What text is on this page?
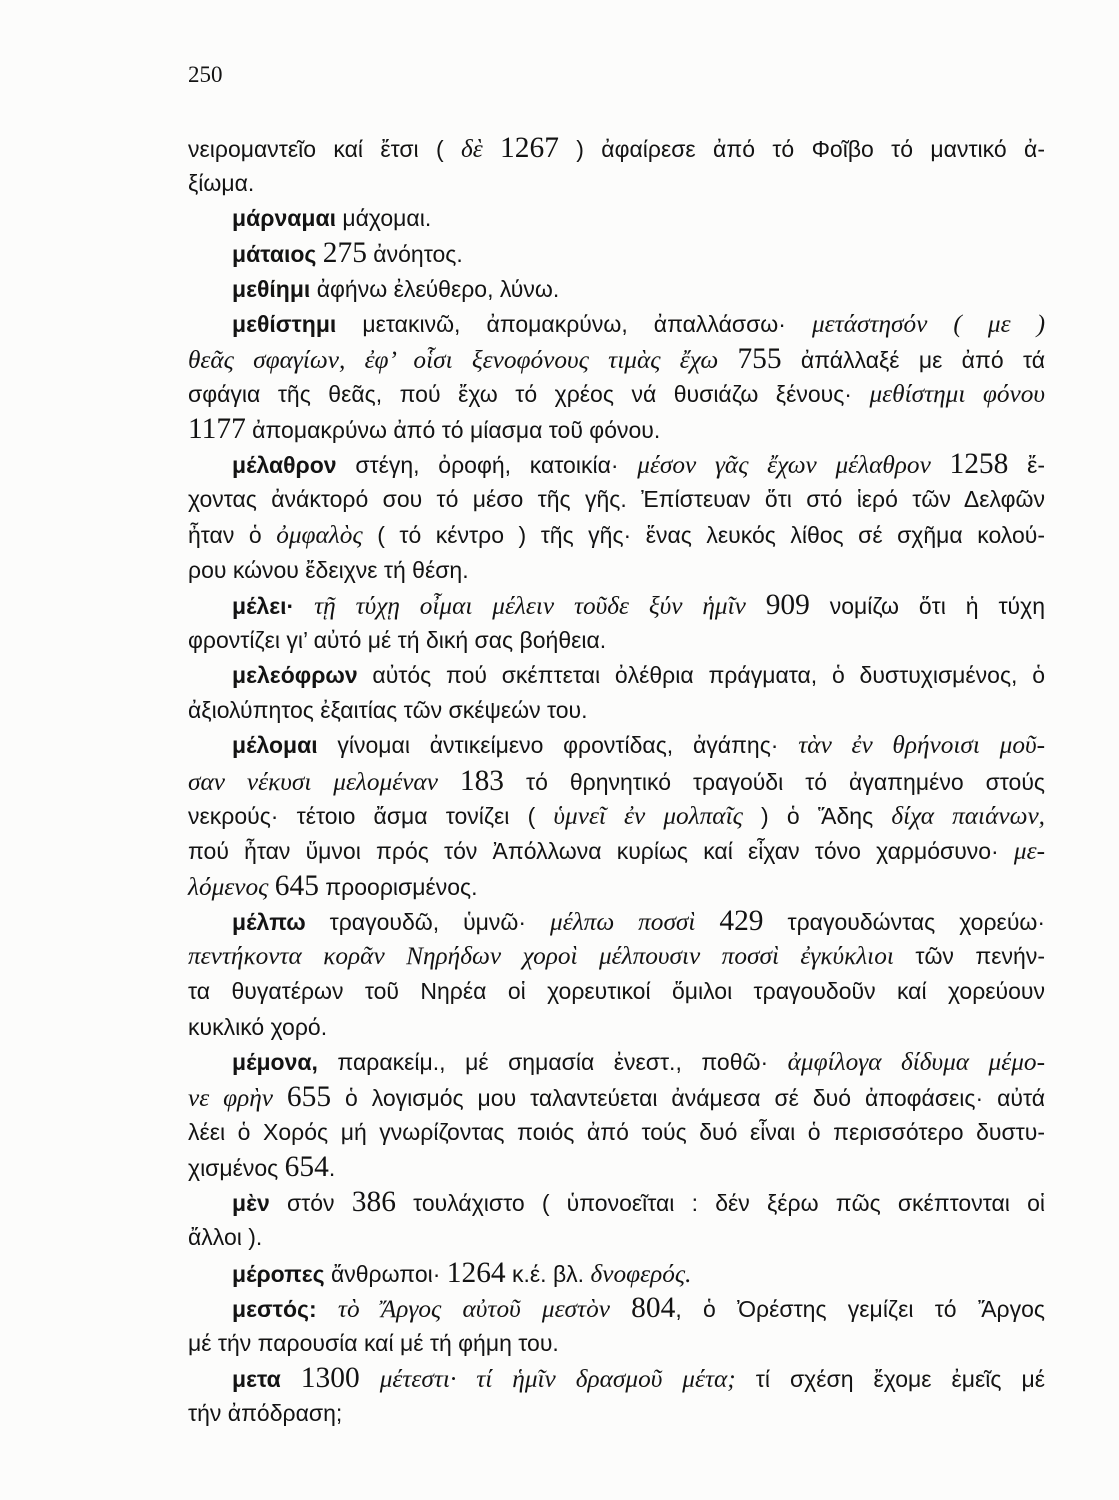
250
νειρομαντεῖο καί ἔτσι ( δὲ 1267 ) ἀφαίρεσε ἀπό τό Φοῖβο τό μαντικό ἀ-
ξίωμα.
μάρναμαι μάχομαι.
μάταιος 275 ἀνόητος.
μεθίημι ἀφήνω ἐλεύθερο, λύνω.
μεθίστημι μετακινῶ, ἀπομακρύνω, ἀπαλλάσσω· μετάστησόν ( με )
θεᾶς σφαγίων, ἐφ’ οἷσι ξενοφόνους τιμὰς ἔχω 755 ἀπάλλαξέ με ἀπό τά
σφάγια τῆς θεᾶς, πού ἔχω τό χρέος νά θυσιάζω ξένους· μεθίστημι φόνου
1177 ἀπομακρύνω ἀπό τό μίασμα τοῦ φόνου.
μέλαθρον στέγη, ὀροφή, κατοικία· μέσον γᾶς ἔχων μέλαθρον 1258 ἔ-
χοντας ἀνάκτορό σου τό μέσο τῆς γῆς. Ἐπίστευαν ὅτι στό ἱερό τῶν Δελφῶν
ἦταν ὁ ὀμφαλὸς ( τό κέντρο ) τῆς γῆς· ἕνας λευκός λίθος σέ σχῆμα κολού-
ρου κώνου ἔδειχνε τή θέση.
μέλει· τῇ τύχῃ οἶμαι μέλειν τοῦδε ξύν ἡμῖν 909 νομίζω ὅτι ἡ τύχη
φροντίζει γι’ αὐτό μέ τή δική σας βοήθεια.
μελεόφρων αὐτός πού σκέπτεται ὀλέθρια πράγματα, ὁ δυστυχισμένος, ὁ
ἀξιολύπητος ἐξαιτίας τῶν σκέψεών του.
μέλομαι γίνομαι ἀντικείμενο φροντίδας, ἀγάπης· τὰν ἐν θρήνοισι μοῦ-
σαν νέκυσι μελομέναν 183 τό θρηνητικό τραγούδι τό ἀγαπημένο στούς
νεκρούς· τέτοιο ἄσμα τονίζει ( ὑμνεῖ ἐν μολπαῖς ) ὁ Ἅδης δίχα παιάνων,
πού ἦταν ὕμνοι πρός τόν Ἀπόλλωνα κυρίως καί εἶχαν τόνο χαρμόσυνο· με-
λόμενος 645 προορισμένος.
μέλπω τραγουδῶ, ὑμνῶ· μέλπω ποσσὶ 429 τραγουδώντας χορεύω·
πεντήκοντα κορᾶν Νηρήδων χοροὶ μέλπουσιν ποσσὶ ἐγκύκλιοι τῶν πενήν-
τα θυγατέρων τοῦ Νηρέα οἱ χορευτικοί ὅμιλοι τραγουδοῦν καί χορεύουν
κυκλικό χορό.
μέμονα, παρακείμ., μέ σημασία ἐνεστ., ποθῶ· ἀμφίλογα δίδυμα μέμο-
νε φρὴν 655 ὁ λογισμός μου ταλαντεύεται ἀνάμεσα σέ δυό ἀποφάσεις· αὐτά
λέει ὁ Χορός μή γνωρίζοντας ποιός ἀπό τούς δυό εἶναι ὁ περισσότερο δυστυ-
χισμένος 654.
μὲν στόν 386 τουλάχιστο ( ὑπονοεῖται : δέν ξέρω πῶς σκέπτονται οἱ
ἄλλοι ).
μέροπες ἄνθρωποι· 1264 κ.έ. βλ. δνοφερός.
μεστός: τὸ Ἄργος αὐτοῦ μεστὸν 804, ὁ Ὀρέστης γεμίζει τό Ἄργος
μέ τήν παρουσία καί μέ τή φήμη του.
μετα 1300 μέτεστι· τί ἡμῖν δρασμοῦ μέτα; τί σχέση ἔχομε ἐμεῖς μέ
τήν ἀπόδραση;
